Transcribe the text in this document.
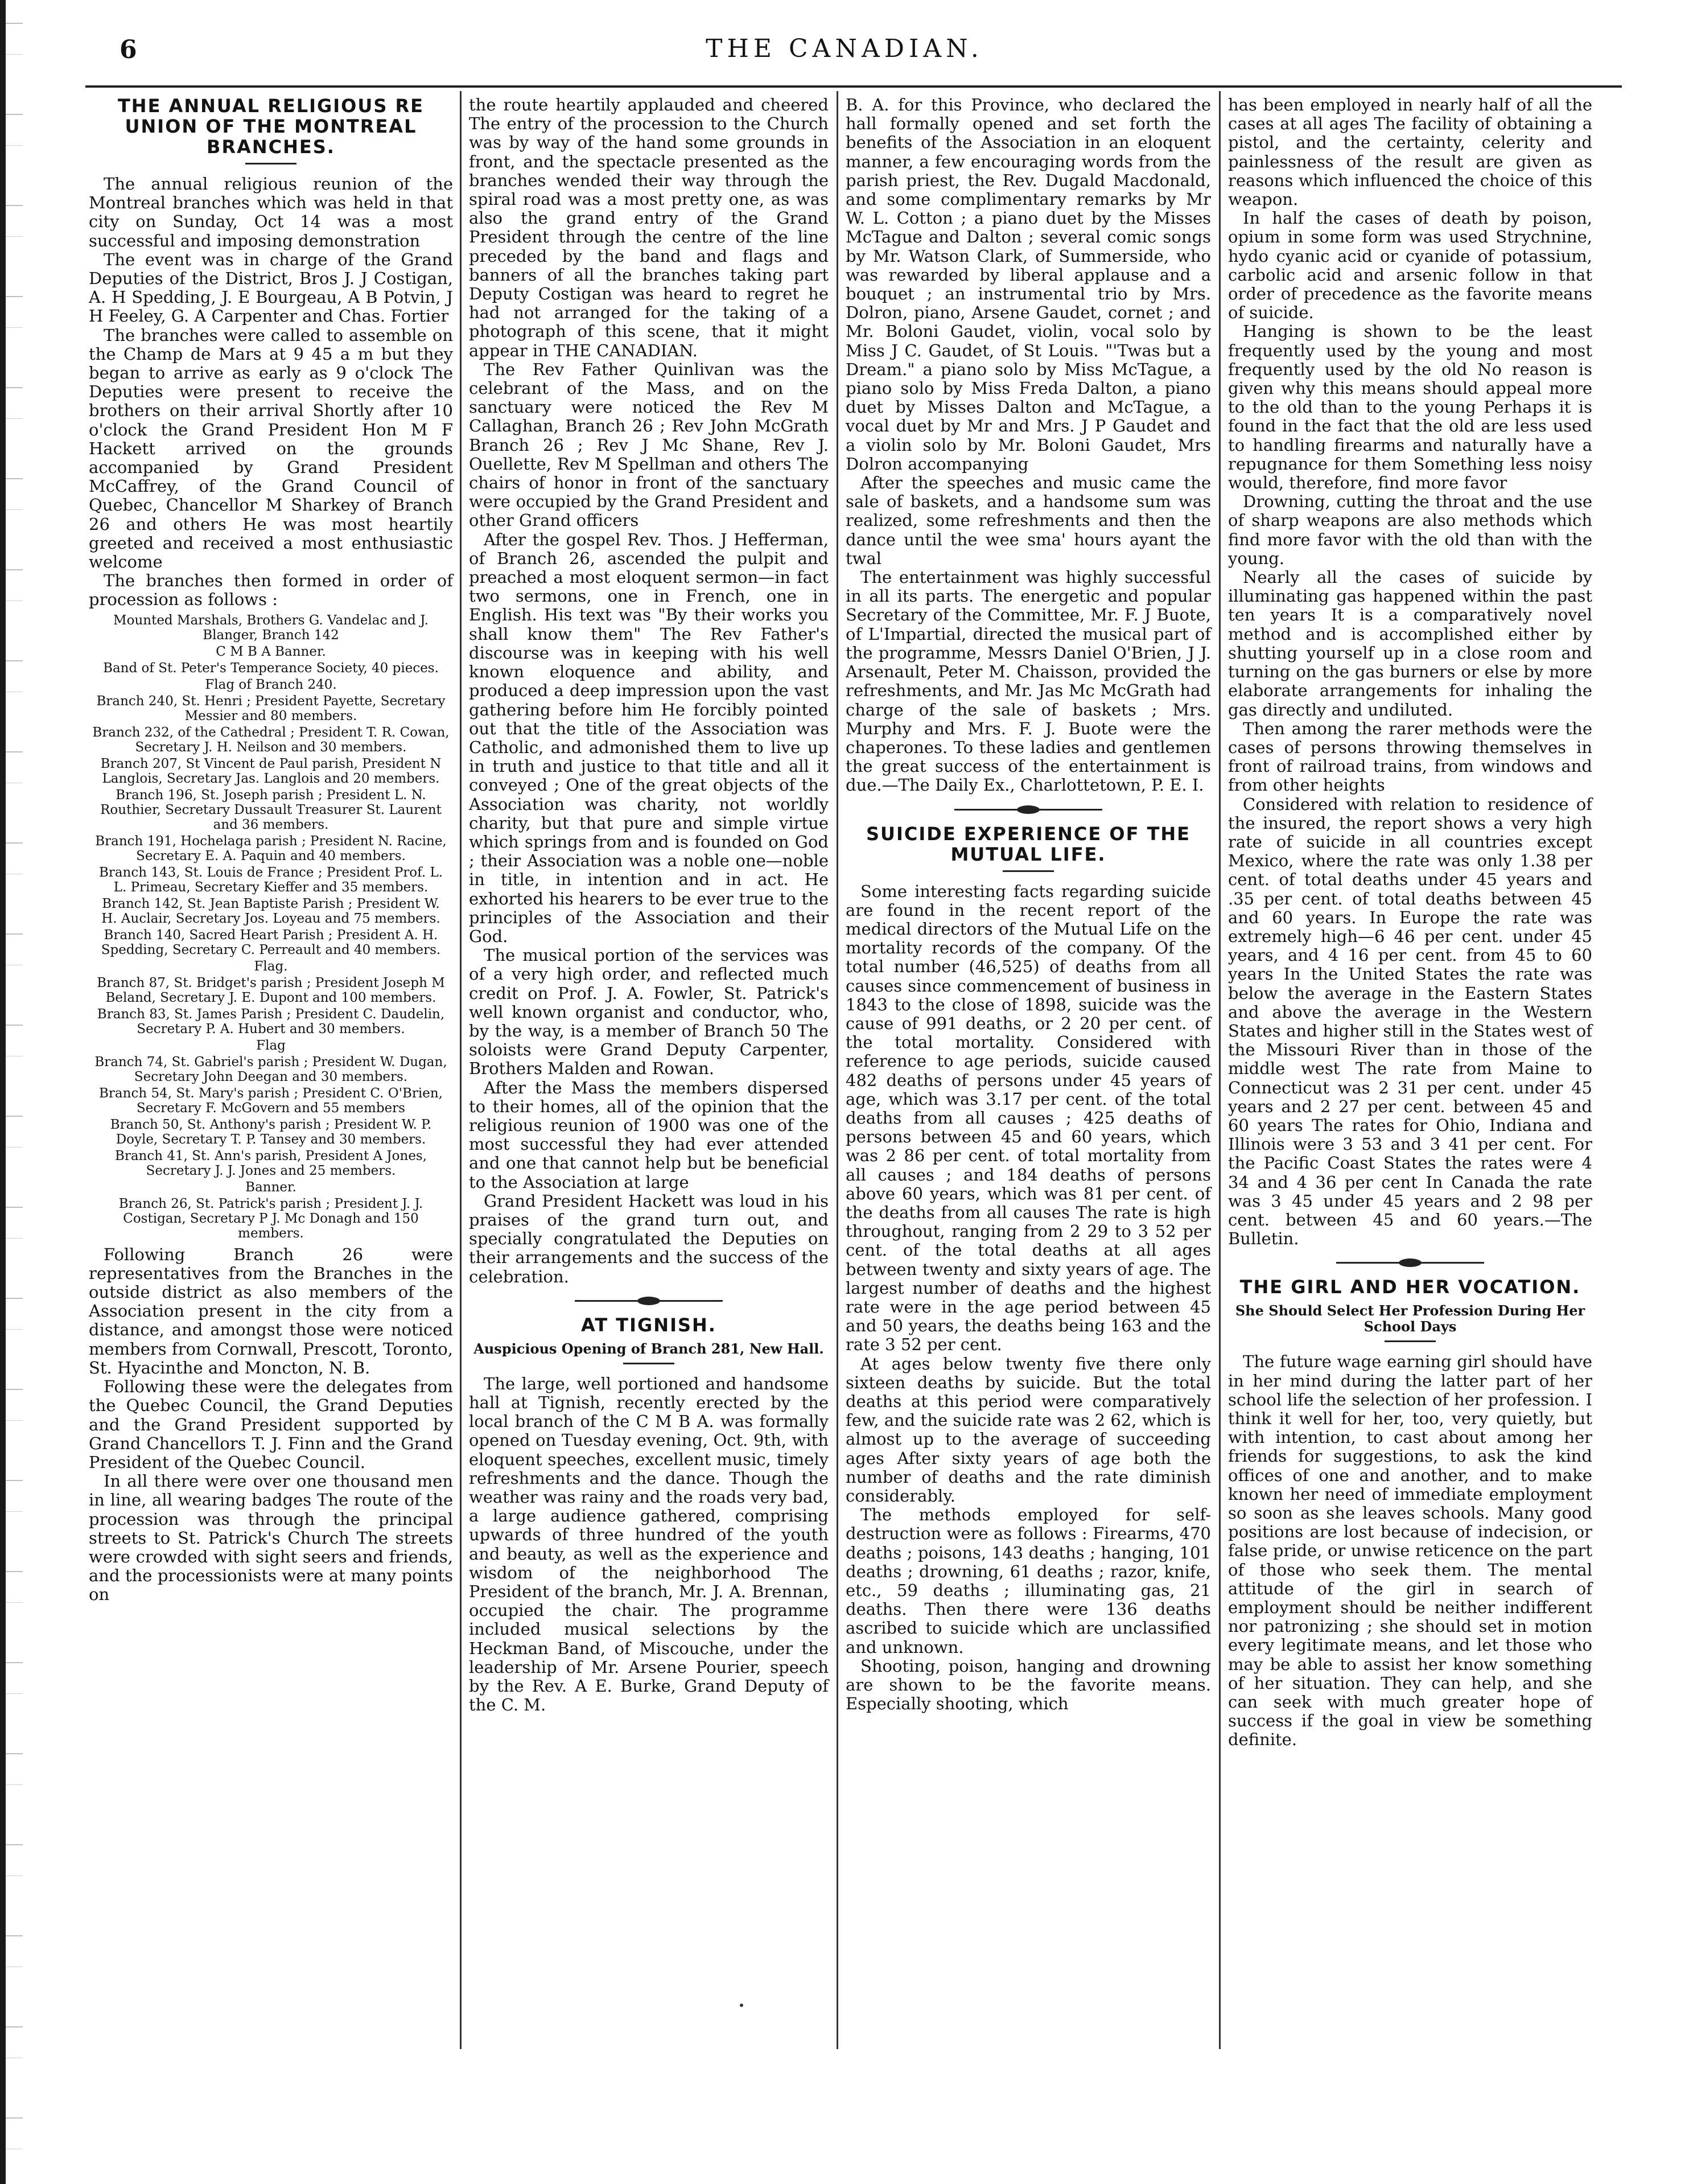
6	THE CANADIAN.
THE ANNUAL RELIGIOUS RE UNION OF THE MONTREAL BRANCHES.

The annual religious reunion of the Montreal branches which was held in that city on Sunday, Oct 14 was a most successful and imposing demonstration

The event was in charge of the Grand Deputies of the District, Bros J. J Costigan, A. H Spedding, J. E Bourgeau, A B Potvin, J H Feeley, G. A Carpenter and Chas. Fortier

The branches were called to assemble on the Champ de Mars at 9 45 a m but they began to arrive as early as 9 o'clock The Deputies were present to receive the brothers on their arrival Shortly after 10 o'clock the Grand President Hon M F Hackett arrived on the grounds accompanied by Grand President McCaffrey, of the Grand Council of Quebec, Chancellor M Sharkey of Branch 26 and others He was most heartily greeted and received a most enthusiastic welcome

The branches then formed in order of procession as follows :

Mounted Marshals, Brothers G. Vandelac and J. Blanger, Branch 142
C M B A Banner.
Band of St. Peter's Temperance Society, 40 pieces.
Flag of Branch 240.
Branch 240, St. Henri ; President Payette, Secretary Messier and 80 members.
Branch 232, of the Cathedral ; President T. R. Cowan, Secretary J. H. Neilson and 30 members.
Branch 207, St Vincent de Paul parish, President N Langlois, Secretary Jas. Langlois and 20 members.
Branch 196, St. Joseph parish ; President L. N. Routhier, Secretary Dussault Treasurer St. Laurent and 36 members.
Branch 191, Hochelaga parish ; President N. Racine, Secretary E. A. Paquin and 40 members.
Branch 143, St. Louis de France ; President Prof. L. L. Primeau, Secretary Kieffer and 35 members.
Branch 142, St. Jean Baptiste Parish ; President W. H. Auclair, Secretary Jos. Loyeau and 75 members.
Branch 140, Sacred Heart Parish ; President A. H. Spedding, Secretary C. Perreault and 40 members.
Flag.
Branch 87, St. Bridget's parish ; President Joseph M Beland, Secretary J. E. Dupont and 100 members.
Branch 83, St. James Parish ; President C. Daudelin, Secretary P. A. Hubert and 30 members.
Flag
Branch 74, St. Gabriel's parish ; President W. Dugan, Secretary John Deegan and 30 members.
Branch 54, St. Mary's parish ; President C. O'Brien, Secretary F. McGovern and 55 members
Branch 50, St. Anthony's parish ; President W. P. Doyle, Secretary T. P. Tansey and 30 members.
Branch 41, St. Ann's parish, President A Jones, Secretary J. J. Jones and 25 members.
Banner.
Branch 26, St. Patrick's parish ; President J. J. Costigan, Secretary P J. Mc Donagh and 150 members.

Following Branch 26 were representatives from the Branches in the outside district as also members of the Association present in the city from a distance, and amongst those were noticed members from Cornwall, Prescott, Toronto, St. Hyacinthe and Moncton, N. B.

Following these were the delegates from the Quebec Council, the Grand Deputies and the Grand President supported by Grand Chancellors T. J. Finn and the Grand President of the Quebec Council.

In all there were over one thousand men in line, all wearing badges The route of the procession was through the principal streets to St. Patrick's Church The streets were crowded with sight seers and friends, and the processionists were at many points on

the route heartily applauded and cheered The entry of the procession to the Church was by way of the hand some grounds in front, and the spectacle presented as the branches wended their way through the spiral road was a most pretty one, as was also the grand entry of the Grand President through the centre of the line preceded by the band and flags and banners of all the branches taking part Deputy Costigan was heard to regret he had not arranged for the taking of a photograph of this scene, that it might appear in THE CANADIAN.

The Rev Father Quinlivan was the celebrant of the Mass, and on the sanctuary were noticed the Rev M Callaghan, Branch 26 ; Rev John McGrath Branch 26 ; Rev J Mc Shane, Rev J. Ouellette, Rev M Spellman and others The chairs of honor in front of the sanctuary were occupied by the Grand President and other Grand officers

After the gospel Rev. Thos. J Hefferman, of Branch 26, ascended the pulpit and preached a most eloquent sermon—in fact two sermons, one in French, one in English. His text was "By their works you shall know them" The Rev Father's discourse was in keeping with his well known eloquence and ability, and produced a deep impression upon the vast gathering before him He forcibly pointed out that the title of the Association was Catholic, and admonished them to live up in truth and justice to that title and all it conveyed ; One of the great objects of the Association was charity, not worldly charity, but that pure and simple virtue which springs from and is founded on God ; their Association was a noble one—noble in title, in intention and in act. He exhorted his hearers to be ever true to the principles of the Association and their God.

The musical portion of the services was of a very high order, and reflected much credit on Prof. J. A. Fowler, St. Patrick's well known organist and conductor, who, by the way, is a member of Branch 50 The soloists were Grand Deputy Carpenter, Brothers Malden and Rowan.

After the Mass the members dispersed to their homes, all of the opinion that the religious reunion of 1900 was one of the most successful they had ever attended and one that cannot help but be beneficial to the Association at large

Grand President Hackett was loud in his praises of the grand turn out, and specially congratulated the Deputies on their arrangements and the success of the celebration.

AT TIGNISH.
Auspicious Opening of Branch 281, New Hall.

The large, well portioned and handsome hall at Tignish, recently erected by the local branch of the C M B A. was formally opened on Tuesday evening, Oct. 9th, with eloquent speeches, excellent music, timely refreshments and the dance. Though the weather was rainy and the roads very bad, a large audience gathered, comprising upwards of three hundred of the youth and beauty, as well as the experience and wisdom of the neighborhood The President of the branch, Mr. J. A. Brennan, occupied the chair. The programme included musical selections by the Heckman Band, of Miscouche, under the leadership of Mr. Arsene Pourier, speech by the Rev. A E. Burke, Grand Deputy of the C. M.

B. A. for this Province, who declared the hall formally opened and set forth the benefits of the Association in an eloquent manner, a few encouraging words from the parish priest, the Rev. Dugald Macdonald, and some complimentary remarks by Mr W. L. Cotton ; a piano duet by the Misses McTague and Dalton ; several comic songs by Mr. Watson Clark, of Summerside, who was rewarded by liberal applause and a bouquet ; an instrumental trio by Mrs. Dolron, piano, Arsene Gaudet, cornet ; and Mr. Boloni Gaudet, violin, vocal solo by Miss J C. Gaudet, of St Louis. "'Twas but a Dream." a piano solo by Miss McTague, a piano solo by Miss Freda Dalton, a piano duet by Misses Dalton and McTague, a vocal duet by Mr and Mrs. J P Gaudet and a violin solo by Mr. Boloni Gaudet, Mrs Dolron accompanying

After the speeches and music came the sale of baskets, and a handsome sum was realized, some refreshments and then the dance until the wee sma' hours ayant the twal

The entertainment was highly successful in all its parts. The energetic and popular Secretary of the Committee, Mr. F. J Buote, of L'Impartial, directed the musical part of the programme, Messrs Daniel O'Brien, J J. Arsenault, Peter M. Chaisson, provided the refreshments, and Mr. Jas Mc McGrath had charge of the sale of baskets ; Mrs. Murphy and Mrs. F. J. Buote were the chaperones. To these ladies and gentlemen the great success of the entertainment is due.—The Daily Ex., Charlottetown, P. E. I.

SUICIDE EXPERIENCE OF THE MUTUAL LIFE.

Some interesting facts regarding suicide are found in the recent report of the medical directors of the Mutual Life on the mortality records of the company. Of the total number (46,525) of deaths from all causes since commencement of business in 1843 to the close of 1898, suicide was the cause of 991 deaths, or 2 20 per cent. of the total mortality. Considered with reference to age periods, suicide caused 482 deaths of persons under 45 years of age, which was 3.17 per cent. of the total deaths from all causes ; 425 deaths of persons between 45 and 60 years, which was 2 86 per cent. of total mortality from all causes ; and 184 deaths of persons above 60 years, which was 81 per cent. of the deaths from all causes The rate is high throughout, ranging from 2 29 to 3 52 per cent. of the total deaths at all ages between twenty and sixty years of age. The largest number of deaths and the highest rate were in the age period between 45 and 50 years, the deaths being 163 and the rate 3 52 per cent.

At ages below twenty five there only sixteen deaths by suicide. But the total deaths at this period were comparatively few, and the suicide rate was 2 62, which is almost up to the average of succeeding ages After sixty years of age both the number of deaths and the rate diminish considerably.

The methods employed for self-destruction were as follows : Firearms, 470 deaths ; poisons, 143 deaths ; hanging, 101 deaths ; drowning, 61 deaths ; razor, knife, etc., 59 deaths ; illuminating gas, 21 deaths. Then there were 136 deaths ascribed to suicide which are unclassified and unknown.

Shooting, poison, hanging and drowning are shown to be the favorite means. Especially shooting, which

has been employed in nearly half of all the cases at all ages The facility of obtaining a pistol, and the certainty, celerity and painlessness of the result are given as reasons which influenced the choice of this weapon.

In half the cases of death by poison, opium in some form was used Strychnine, hydo cyanic acid or cyanide of potassium, carbolic acid and arsenic follow in that order of precedence as the favorite means of suicide.

Hanging is shown to be the least frequently used by the young and most frequently used by the old No reason is given why this means should appeal more to the old than to the young Perhaps it is found in the fact that the old are less used to handling firearms and naturally have a repugnance for them Something less noisy would, therefore, find more favor

Drowning, cutting the throat and the use of sharp weapons are also methods which find more favor with the old than with the young.

Nearly all the cases of suicide by illuminating gas happened within the past ten years It is a comparatively novel method and is accomplished either by shutting yourself up in a close room and turning on the gas burners or else by more elaborate arrangements for inhaling the gas directly and undiluted.

Then among the rarer methods were the cases of persons throwing themselves in front of railroad trains, from windows and from other heights

Considered with relation to residence of the insured, the report shows a very high rate of suicide in all countries except Mexico, where the rate was only 1.38 per cent. of total deaths under 45 years and .35 per cent. of total deaths between 45 and 60 years. In Europe the rate was extremely high—6 46 per cent. under 45 years, and 4 16 per cent. from 45 to 60 years In the United States the rate was below the average in the Eastern States and above the average in the Western States and higher still in the States west of the Missouri River than in those of the middle west The rate from Maine to Connecticut was 2 31 per cent. under 45 years and 2 27 per cent. between 45 and 60 years The rates for Ohio, Indiana and Illinois were 3 53 and 3 41 per cent. For the Pacific Coast States the rates were 4 34 and 4 36 per cent In Canada the rate was 3 45 under 45 years and 2 98 per cent. between 45 and 60 years.—The Bulletin.

THE GIRL AND HER VOCATION.
She Should Select Her Profession During Her School Days

The future wage earning girl should have in her mind during the latter part of her school life the selection of her profession. I think it well for her, too, very quietly, but with intention, to cast about among her friends for suggestions, to ask the kind offices of one and another, and to make known her need of immediate employment so soon as she leaves schools. Many good positions are lost because of indecision, or false pride, or unwise reticence on the part of those who seek them. The mental attitude of the girl in search of employment should be neither indifferent nor patronizing ; she should set in motion every legitimate means, and let those who may be able to assist her know something of her situation. They can help, and she can seek with much greater hope of success if the goal in view be something definite.
